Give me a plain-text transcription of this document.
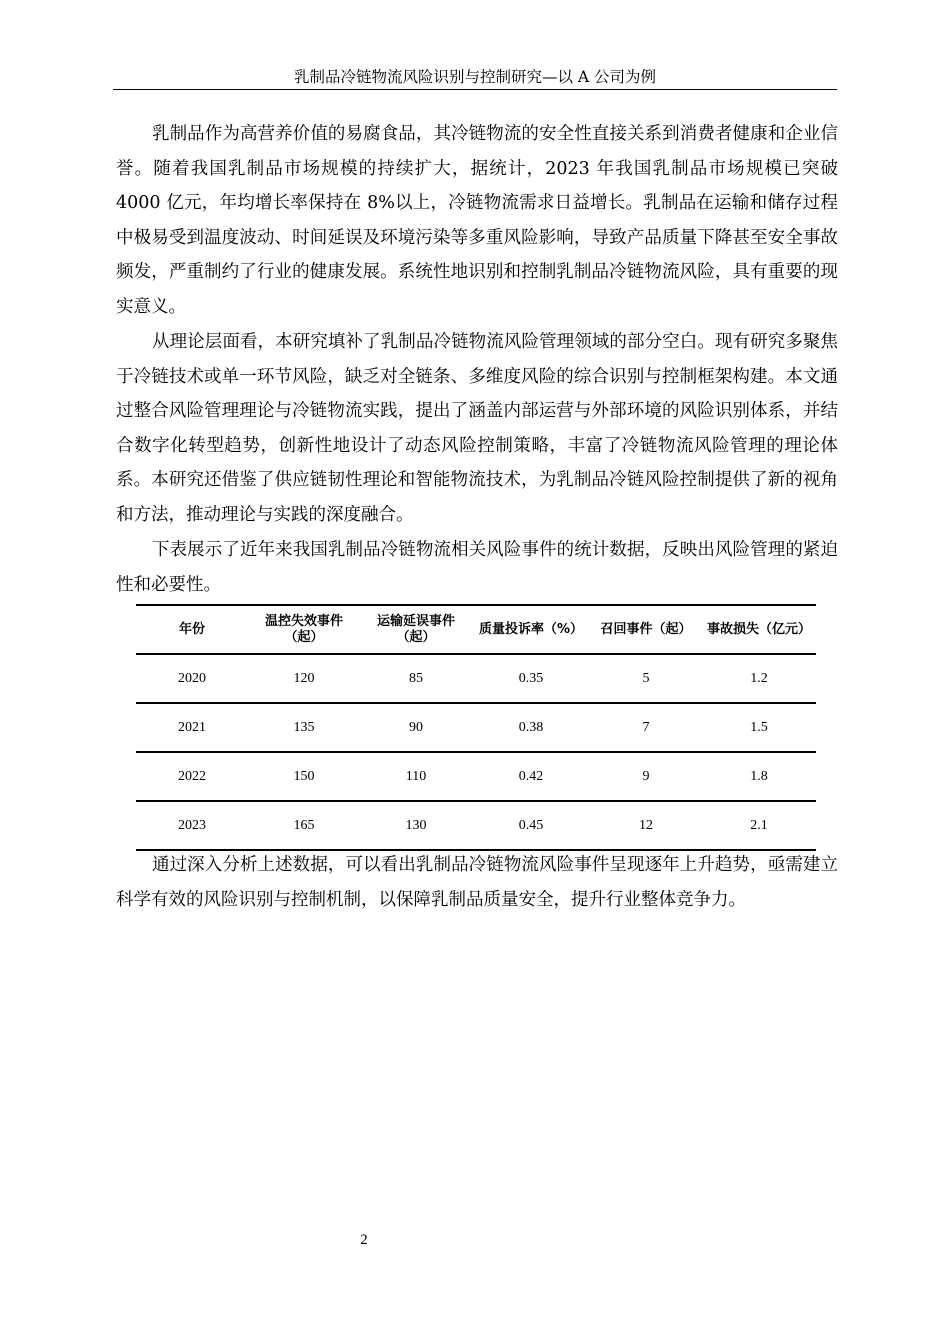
乳制品冷链物流风险识别与控制研究—以 A 公司为例

乳制品作为高营养价值的易腐食品，其冷链物流的安全性直接关系到消费者健康和企业信誉。随着我国乳制品市场规模的持续扩大，据统计，2023 年我国乳制品市场规模已突破 4000 亿元，年均增长率保持在 8%以上，冷链物流需求日益增长。乳制品在运输和储存过程中极易受到温度波动、时间延误及环境污染等多重风险影响，导致产品质量下降甚至安全事故频发，严重制约了行业的健康发展。系统性地识别和控制乳制品冷链物流风险，具有重要的现实意义。

从理论层面看，本研究填补了乳制品冷链物流风险管理领域的部分空白。现有研究多聚焦于冷链技术或单一环节风险，缺乏对全链条、多维度风险的综合识别与控制框架构建。本文通过整合风险管理理论与冷链物流实践，提出了涵盖内部运营与外部环境的风险识别体系，并结合数字化转型趋势，创新性地设计了动态风险控制策略，丰富了冷链物流风险管理的理论体系。本研究还借鉴了供应链韧性理论和智能物流技术，为乳制品冷链风险控制提供了新的视角和方法，推动理论与实践的深度融合。

下表展示了近年来我国乳制品冷链物流相关风险事件的统计数据，反映出风险管理的紧迫性和必要性。

年份	温控失效事件（起）	运输延误事件（起）	质量投诉率（%）	召回事件（起）	事故损失（亿元）
2020	120	85	0.35	5	1.2
2021	135	90	0.38	7	1.5
2022	150	110	0.42	9	1.8
2023	165	130	0.45	12	2.1

通过深入分析上述数据，可以看出乳制品冷链物流风险事件呈现逐年上升趋势，亟需建立科学有效的风险识别与控制机制，以保障乳制品质量安全，提升行业整体竞争力。

2
